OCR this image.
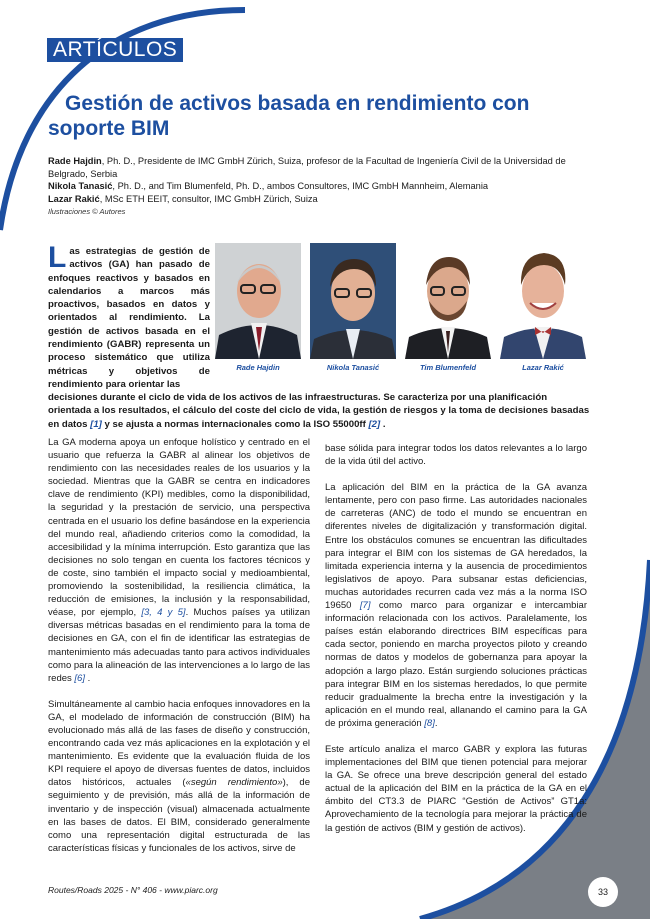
ARTÍCULOS
Gestión de activos basada en rendimiento con
soporte BIM

Rade Hajdin, Ph. D., Presidente de IMC GmbH Zürich, Suiza, profesor de la Facultad de Ingeniería Civil de la Universidad de Belgrado, Serbia

Nikola Tanasić, Ph. D., and Tim Blumenfeld, Ph. D., ambos Consultores, IMC GmbH Mannheim, Alemania

Lazar Rakić, MSc ETH EEIT, consultor, IMC GmbH Zürich, Suiza

Ilustraciones © Autores

Las estrategias de gestión de activos (GA) han pasado de enfoques reactivos y basados en calendarios a marcos más proactivos, basados en datos y orientados al rendimiento. La gestión de activos basada en el rendimiento (GABR) representa un proceso sistemático que utiliza métricas y objetivos de rendimiento para orientar las

Rade Hajdin	Nikola Tanasić	Tim Blumenfeld	Lazar Rakić

decisiones durante el ciclo de vida de los activos de las infraestructuras. Se caracteriza por una planificación orientada a los resultados, el cálculo del coste del ciclo de vida, la gestión de riesgos y la toma de decisiones basadas en datos [1] y se ajusta a normas internacionales como la ISO 55000ff [2] .

La GA moderna apoya un enfoque holístico y centrado en el usuario que refuerza la GABR al alinear los objetivos de rendimiento con las necesidades reales de los usuarios y la sociedad. Mientras que la GABR se centra en indicadores clave de rendimiento (KPI) medibles, como la disponibilidad, la seguridad y la prestación de servicio, una perspectiva centrada en el usuario los define basándose en la experiencia del mundo real, añadiendo criterios como la comodidad, la accesibilidad y la mínima interrupción. Esto garantiza que las decisiones no solo tengan en cuenta los factores técnicos y de coste, sino también el impacto social y medioambiental, promoviendo la sostenibilidad, la resiliencia climática, la reducción de emisiones, la inclusión y la responsabilidad, véase, por ejemplo, [3, 4 y 5]. Muchos países ya utilizan diversas métricas basadas en el rendimiento para la toma de decisiones en GA, con el fin de identificar las estrategias de mantenimiento más adecuadas tanto para activos individuales como para la alineación de las intervenciones a lo largo de las redes [6] .

Simultáneamente al cambio hacia enfoques innovadores en la GA, el modelado de información de construcción (BIM) ha evolucionado más allá de las fases de diseño y construcción, encontrando cada vez más aplicaciones en la explotación y el mantenimiento. Es evidente que la evaluación fluida de los KPI requiere el apoyo de diversas fuentes de datos, incluidos datos históricos, actuales («según rendimiento»), de seguimiento y de previsión, más allá de la información de inventario y de inspección (visual) almacenada actualmente en las bases de datos. El BIM, considerado generalmente como una representación digital estructurada de las características físicas y funcionales de los activos, sirve de

base sólida para integrar todos los datos relevantes a lo largo de la vida útil del activo.

La aplicación del BIM en la práctica de la GA avanza lentamente, pero con paso firme. Las autoridades nacionales de carreteras (ANC) de todo el mundo se encuentran en diferentes niveles de digitalización y transformación digital. Entre los obstáculos comunes se encuentran las dificultades para integrar el BIM con los sistemas de GA heredados, la limitada experiencia interna y la ausencia de procedimientos legislativos de apoyo. Para subsanar estas deficiencias, muchas autoridades recurren cada vez más a la norma ISO 19650 [7] como marco para organizar e intercambiar información relacionada con los activos. Paralelamente, los países están elaborando directrices BIM específicas para cada sector, poniendo en marcha proyectos piloto y creando normas de datos y modelos de gobernanza para apoyar la adopción a largo plazo. Están surgiendo soluciones prácticas para integrar BIM en los sistemas heredados, lo que permite reducir gradualmente la brecha entre la investigación y la aplicación en el mundo real, allanando el camino para la GA de próxima generación [8].

Este artículo analiza el marco GABR y explora las futuras implementaciones del BIM que tienen potencial para mejorar la GA. Se ofrece una breve descripción general del estado actual de la aplicación del BIM en la práctica de la GA en el ámbito del CT3.3 de PIARC “Gestión de Activos” GT1a: Aprovechamiento de la tecnología para mejorar la práctica de la gestión de activos (BIM y gestión de activos).

Routes/Roads 2025 - N° 406 - www.piarc.org	33
